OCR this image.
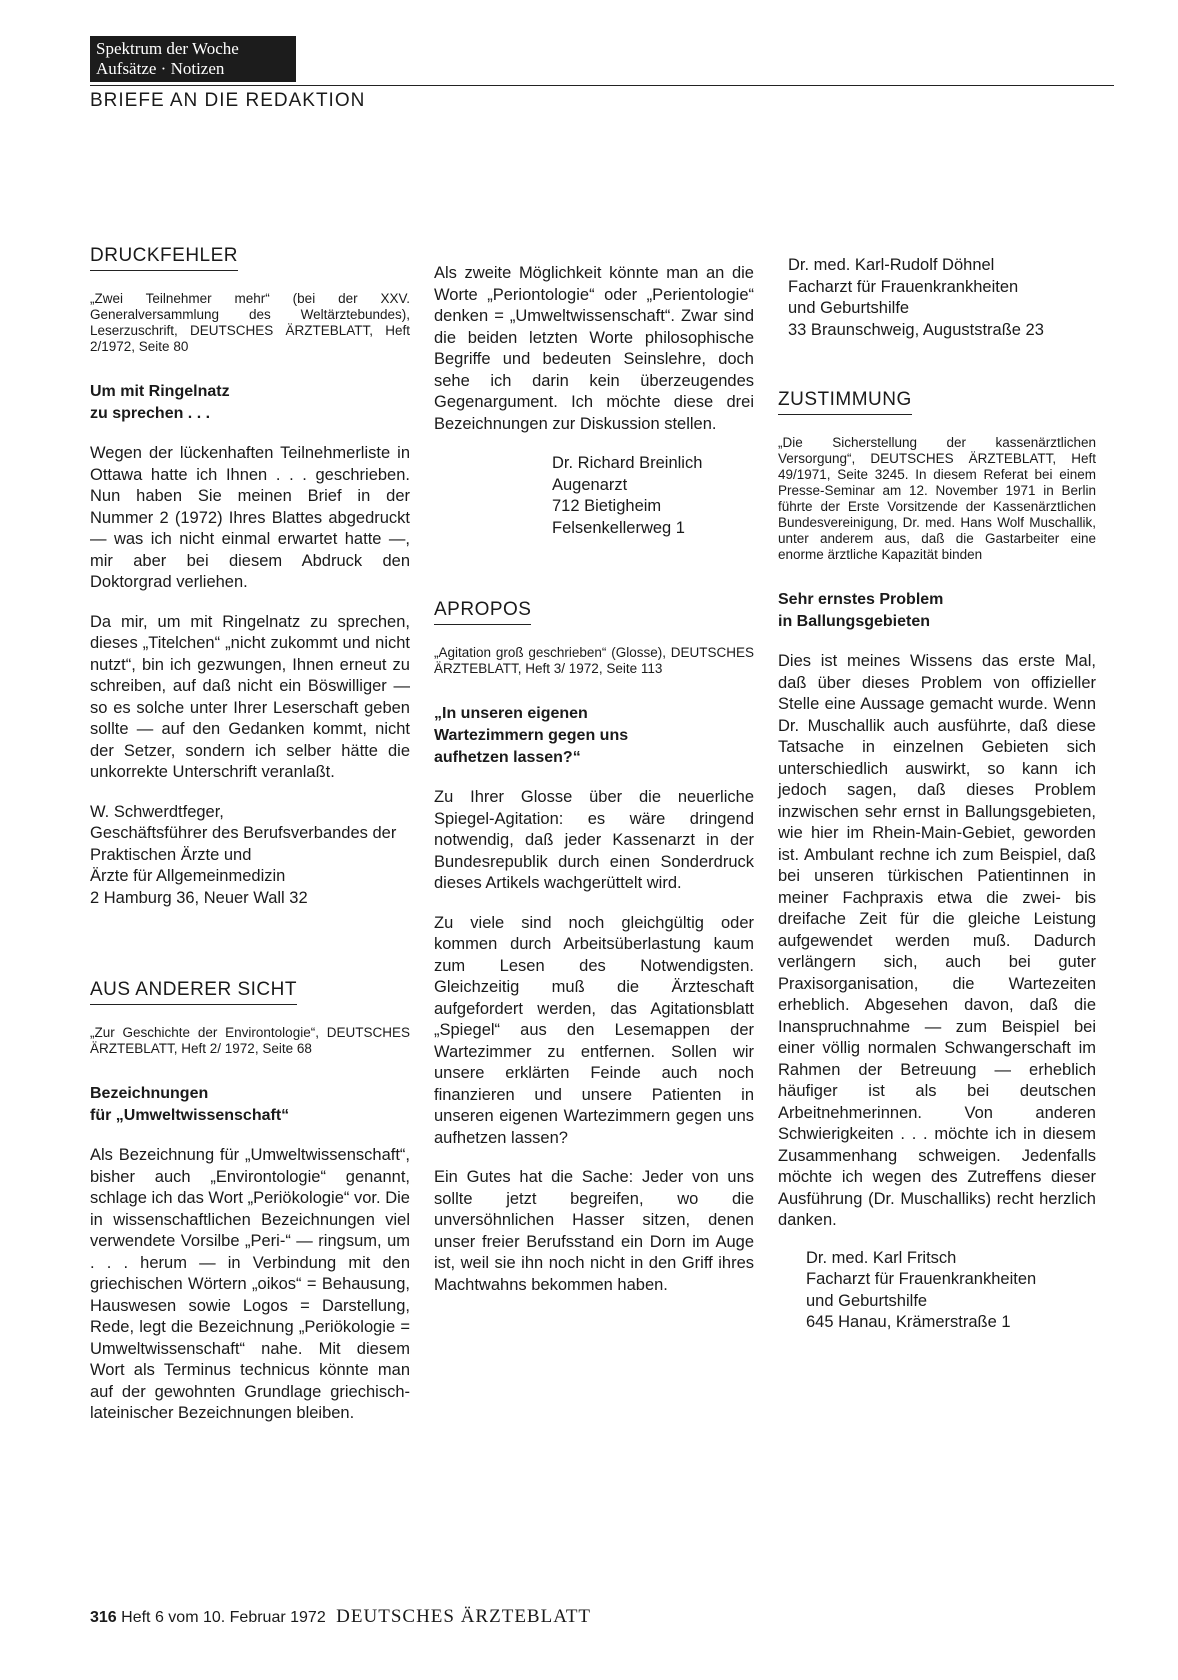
Spektrum der Woche
Aufsätze · Notizen
BRIEFE AN DIE REDAKTION
DRUCKFEHLER

„Zwei Teilnehmer mehr“ (bei der XXV. Generalversammlung des Weltärztebundes), Leserzuschrift, DEUTSCHES ÄRZTEBLATT, Heft 2/1972, Seite 80

Um mit Ringelnatz

zu sprechen . . .

Wegen der lückenhaften Teilnehmerliste in Ottawa hatte ich Ihnen . . . geschrieben. Nun haben Sie meinen Brief in der Nummer 2 (1972) Ihres Blattes abgedruckt — was ich nicht einmal erwartet hatte —, mir aber bei diesem Abdruck den Doktorgrad verliehen.

Da mir, um mit Ringelnatz zu sprechen, dieses „Titelchen“ „nicht zukommt und nicht nutzt“, bin ich gezwungen, Ihnen erneut zu schreiben, auf daß nicht ein Böswilliger — so es solche unter Ihrer Leserschaft geben sollte — auf den Gedanken kommt, nicht der Setzer, sondern ich selber hätte die unkorrekte Unterschrift veranlaßt.

W. Schwerdtfeger,

Geschäftsführer des Berufsverbandes der Praktischen Ärzte und

Ärzte für Allgemeinmedizin

2 Hamburg 36, Neuer Wall 32

AUS ANDERER SICHT

„Zur Geschichte der Environtologie“, DEUTSCHES ÄRZTEBLATT, Heft 2/ 1972, Seite 68

Bezeichnungen

für „Umweltwissenschaft“

Als Bezeichnung für „Umweltwissenschaft“, bisher auch „Environtologie“ genannt, schlage ich das Wort „Periökologie“ vor. Die in wissenschaftlichen Bezeichnungen viel verwendete Vorsilbe „Peri-“ — ringsum, um . . . herum — in Verbindung mit den griechischen Wörtern „oikos“ = Behausung, Hauswesen sowie Logos = Darstellung, Rede, legt die Bezeichnung „Periökologie = Umweltwissenschaft“ nahe. Mit diesem Wort als Terminus technicus könnte man auf der gewohnten Grundlage griechisch-lateinischer Bezeichnungen bleiben.

Als zweite Möglichkeit könnte man an die Worte „Periontologie“ oder „Perientologie“ denken = „Umweltwissenschaft“. Zwar sind die beiden letzten Worte philosophische Begriffe und bedeuten Seinslehre, doch sehe ich darin kein überzeugendes Gegenargument. Ich möchte diese drei Bezeichnungen zur Diskussion stellen.

Dr. Richard Breinlich

Augenarzt

712 Bietigheim

Felsenkellerweg 1

APROPOS

„Agitation groß geschrieben“ (Glosse), DEUTSCHES ÄRZTEBLATT, Heft 3/ 1972, Seite 113

„In unseren eigenen

Wartezimmern gegen uns

aufhetzen lassen?“

Zu Ihrer Glosse über die neuerliche Spiegel-Agitation: es wäre dringend notwendig, daß jeder Kassenarzt in der Bundesrepublik durch einen Sonderdruck dieses Artikels wachgerüttelt wird.

Zu viele sind noch gleichgültig oder kommen durch Arbeitsüberlastung kaum zum Lesen des Notwendigsten. Gleichzeitig muß die Ärzteschaft aufgefordert werden, das Agitationsblatt „Spiegel“ aus den Lesemappen der Wartezimmer zu entfernen. Sollen wir unsere erklärten Feinde auch noch finanzieren und unsere Patienten in unseren eigenen Wartezimmern gegen uns aufhetzen lassen?

Ein Gutes hat die Sache: Jeder von uns sollte jetzt begreifen, wo die unversöhnlichen Hasser sitzen, denen unser freier Berufsstand ein Dorn im Auge ist, weil sie ihn noch nicht in den Griff ihres Machtwahns bekommen haben.

Dr. med. Karl-Rudolf Döhnel

Facharzt für Frauenkrankheiten

und Geburtshilfe

33 Braunschweig, Auguststraße 23

ZUSTIMMUNG

„Die Sicherstellung der kassenärztlichen Versorgung“, DEUTSCHES ÄRZTEBLATT, Heft 49/1971, Seite 3245. In diesem Referat bei einem Presse-Seminar am 12. November 1971 in Berlin führte der Erste Vorsitzende der Kassenärztlichen Bundesvereinigung, Dr. med. Hans Wolf Muschallik, unter anderem aus, daß die Gastarbeiter eine enorme ärztliche Kapazität binden

Sehr ernstes Problem

in Ballungsgebieten

Dies ist meines Wissens das erste Mal, daß über dieses Problem von offizieller Stelle eine Aussage gemacht wurde. Wenn Dr. Muschallik auch ausführte, daß diese Tatsache in einzelnen Gebieten sich unterschiedlich auswirkt, so kann ich jedoch sagen, daß dieses Problem inzwischen sehr ernst in Ballungsgebieten, wie hier im Rhein-Main-Gebiet, geworden ist. Ambulant rechne ich zum Beispiel, daß bei unseren türkischen Patientinnen in meiner Fachpraxis etwa die zwei- bis dreifache Zeit für die gleiche Leistung aufgewendet werden muß. Dadurch verlängern sich, auch bei guter Praxisorganisation, die Wartezeiten erheblich. Abgesehen davon, daß die Inanspruchnahme — zum Beispiel bei einer völlig normalen Schwangerschaft im Rahmen der Betreuung — erheblich häufiger ist als bei deutschen Arbeitnehmerinnen. Von anderen Schwierigkeiten . . . möchte ich in diesem Zusammenhang schweigen. Jedenfalls möchte ich wegen des Zutreffens dieser Ausführung (Dr. Muschalliks) recht herzlich danken.

Dr. med. Karl Fritsch

Facharzt für Frauenkrankheiten

und Geburtshilfe

645 Hanau, Krämerstraße 1

316 Heft 6 vom 10. Februar 1972 DEUTSCHES ÄRZTEBLATT
